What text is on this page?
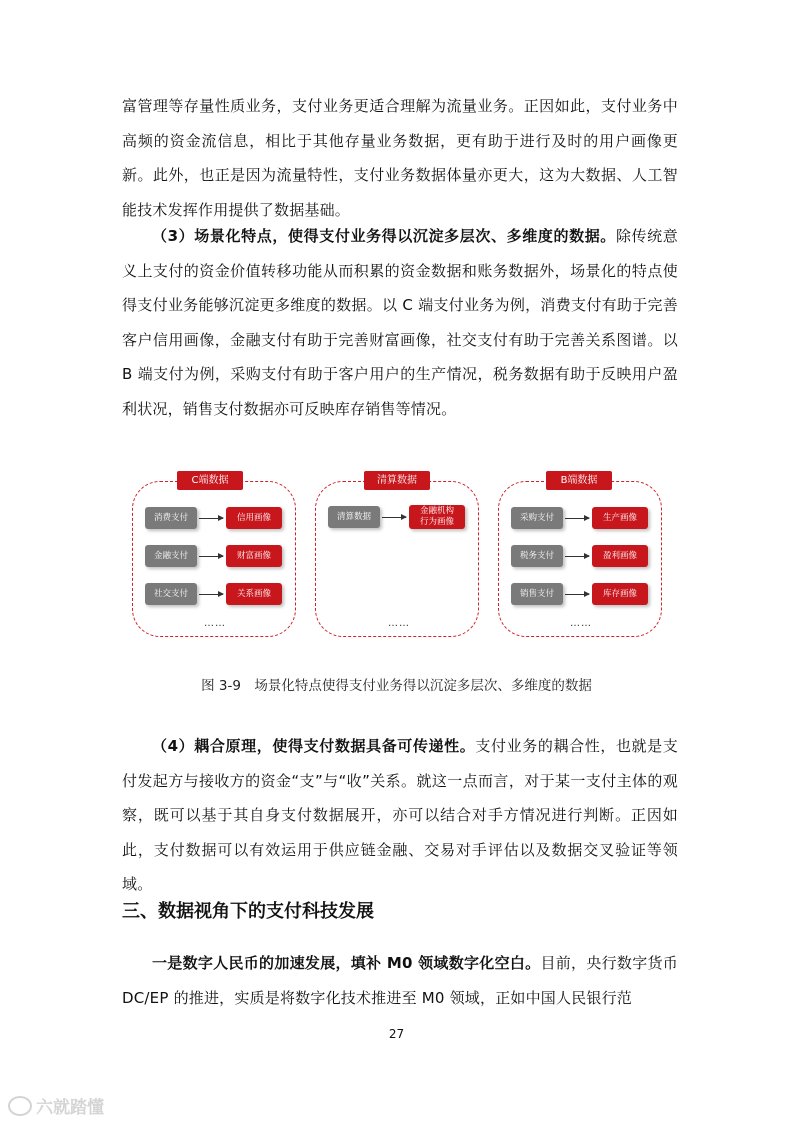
富管理等存量性质业务，支付业务更适合理解为流量业务。正因如此，支付业务中高频的资金流信息，相比于其他存量业务数据，更有助于进行及时的用户画像更新。此外，也正是因为流量特性，支付业务数据体量亦更大，这为大数据、人工智能技术发挥作用提供了数据基础。

（3）场景化特点，使得支付业务得以沉淀多层次、多维度的数据。除传统意义上支付的资金价值转移功能从而积累的资金数据和账务数据外，场景化的特点使得支付业务能够沉淀更多维度的数据。以 C 端支付业务为例，消费支付有助于完善客户信用画像，金融支付有助于完善财富画像，社交支付有助于完善关系图谱。以 B 端支付为例，采购支付有助于客户用户的生产情况，税务数据有助于反映用户盈利状况，销售支付数据亦可反映库存销售等情况。

C端数据
消费支付	信用画像
金融支付	财富画像
社交支付	关系画像
……
清算数据
清算数据
金融机构
行为画像
……
B端数据
采购支付	生产画像
税务支付	盈利画像
销售支付	库存画像
……
图 3-9　场景化特点使得支付业务得以沉淀多层次、多维度的数据

（4）耦合原理，使得支付数据具备可传递性。支付业务的耦合性，也就是支付发起方与接收方的资金“支”与“收”关系。就这一点而言，对于某一支付主体的观察，既可以基于其自身支付数据展开，亦可以结合对手方情况进行判断。正因如此，支付数据可以有效运用于供应链金融、交易对手评估以及数据交叉验证等领域。

三、数据视角下的支付科技发展

一是数字人民币的加速发展，填补 M0 领域数字化空白。目前，央行数字货币 DC/EP 的推进，实质是将数字化技术推进至 M0 领域，正如中国人民银行范

27
六就踏懂
